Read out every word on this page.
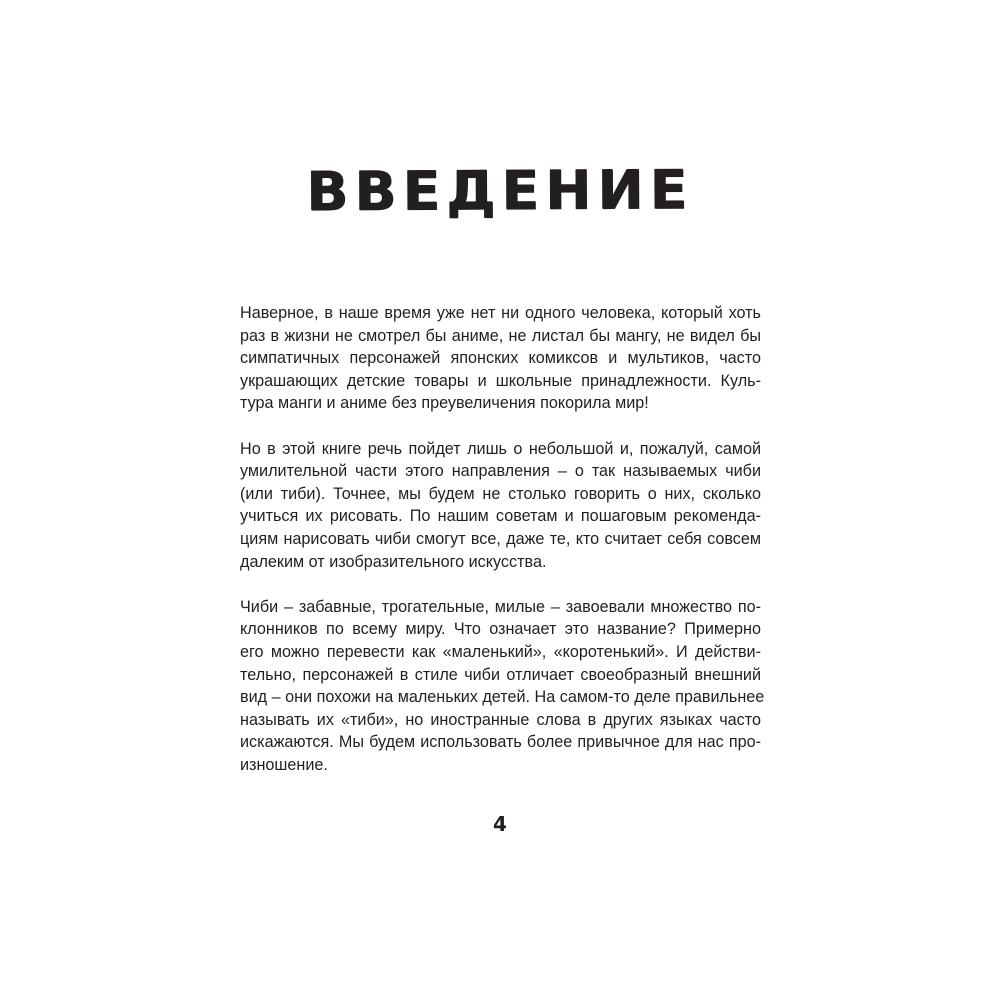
ВВЕДЕНИЕ
Наверное, в наше время уже нет ни одного человека, который хоть
раз в жизни не смотрел бы аниме, не листал бы мангу, не видел бы
симпатичных персонажей японских комиксов и мультиков, часто
украшающих детские товары и школьные принадлежности. Куль-
тура манги и аниме без преувеличения покорила мир!
Но в этой книге речь пойдет лишь о небольшой и, пожалуй, самой
умилительной части этого направления – о так называемых чиби
(или тиби). Точнее, мы будем не столько говорить о них, сколько
учиться их рисовать. По нашим советам и пошаговым рекоменда-
циям нарисовать чиби смогут все, даже те, кто считает себя совсем
далеким от изобразительного искусства.
Чиби – забавные, трогательные, милые – завоевали множество по-
клонников по всему миру. Что означает это название? Примерно
его можно перевести как «маленький», «коротенький». И действи-
тельно, персонажей в стиле чиби отличает своеобразный внешний
вид – они похожи на маленьких детей. На самом-то деле правильнее
называть их «тиби», но иностранные слова в других языках часто
искажаются. Мы будем использовать более привычное для нас про-
изношение.
4
